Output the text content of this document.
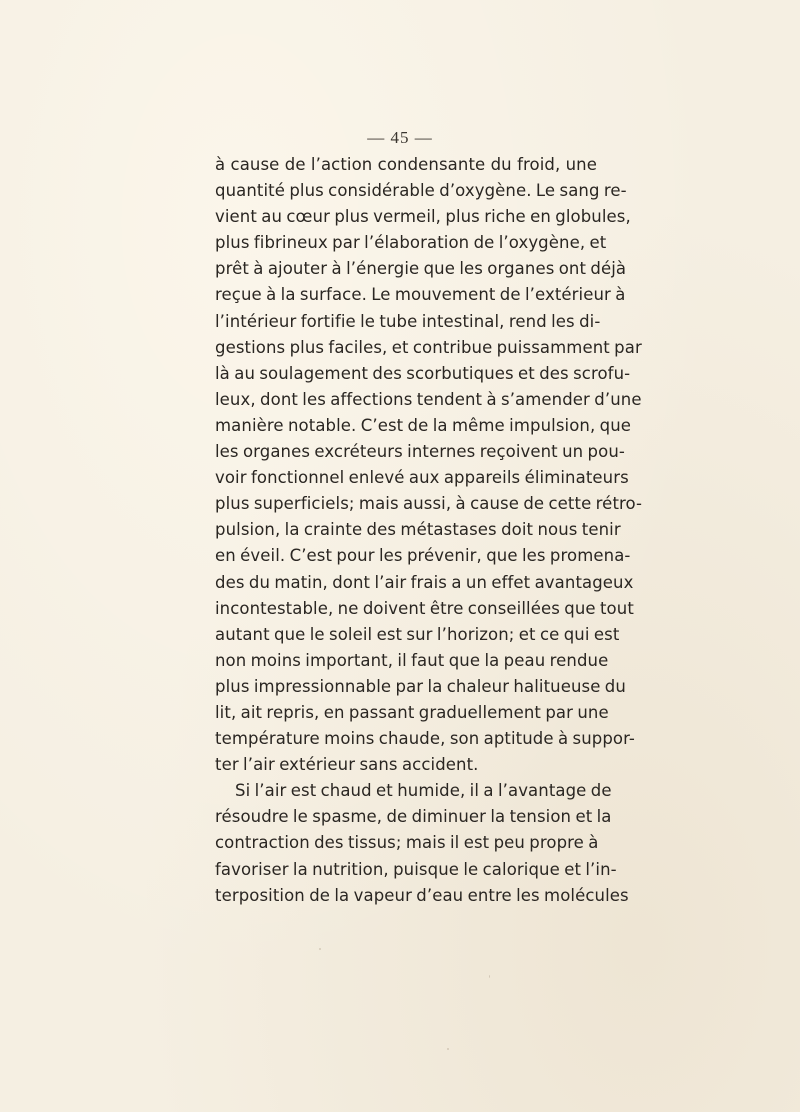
— 45 —
à cause de l’action condensante du froid, une
quantité plus considérable d’oxygène. Le sang re-
vient au cœur plus vermeil, plus riche en globules,
plus fibrineux par l’élaboration de l’oxygène, et
prêt à ajouter à l’énergie que les organes ont déjà
reçue à la surface. Le mouvement de l’extérieur à
l’intérieur fortifie le tube intestinal, rend les di-
gestions plus faciles, et contribue puissamment par
là au soulagement des scorbutiques et des scrofu-
leux, dont les affections tendent à s’amender d’une
manière notable. C’est de la même impulsion, que
les organes excréteurs internes reçoivent un pou-
voir fonctionnel enlevé aux appareils éliminateurs
plus superficiels; mais aussi, à cause de cette rétro-
pulsion, la crainte des métastases doit nous tenir
en éveil. C’est pour les prévenir, que les promena-
des du matin, dont l’air frais a un effet avantageux
incontestable, ne doivent être conseillées que tout
autant que le soleil est sur l’horizon; et ce qui est
non moins important, il faut que la peau rendue
plus impressionnable par la chaleur halitueuse du
lit, ait repris, en passant graduellement par une
température moins chaude, son aptitude à suppor-
ter l’air extérieur sans accident.
Si l’air est chaud et humide, il a l’avantage de
résoudre le spasme, de diminuer la tension et la
contraction des tissus; mais il est peu propre à
favoriser la nutrition, puisque le calorique et l’in-
terposition de la vapeur d’eau entre les molécules
